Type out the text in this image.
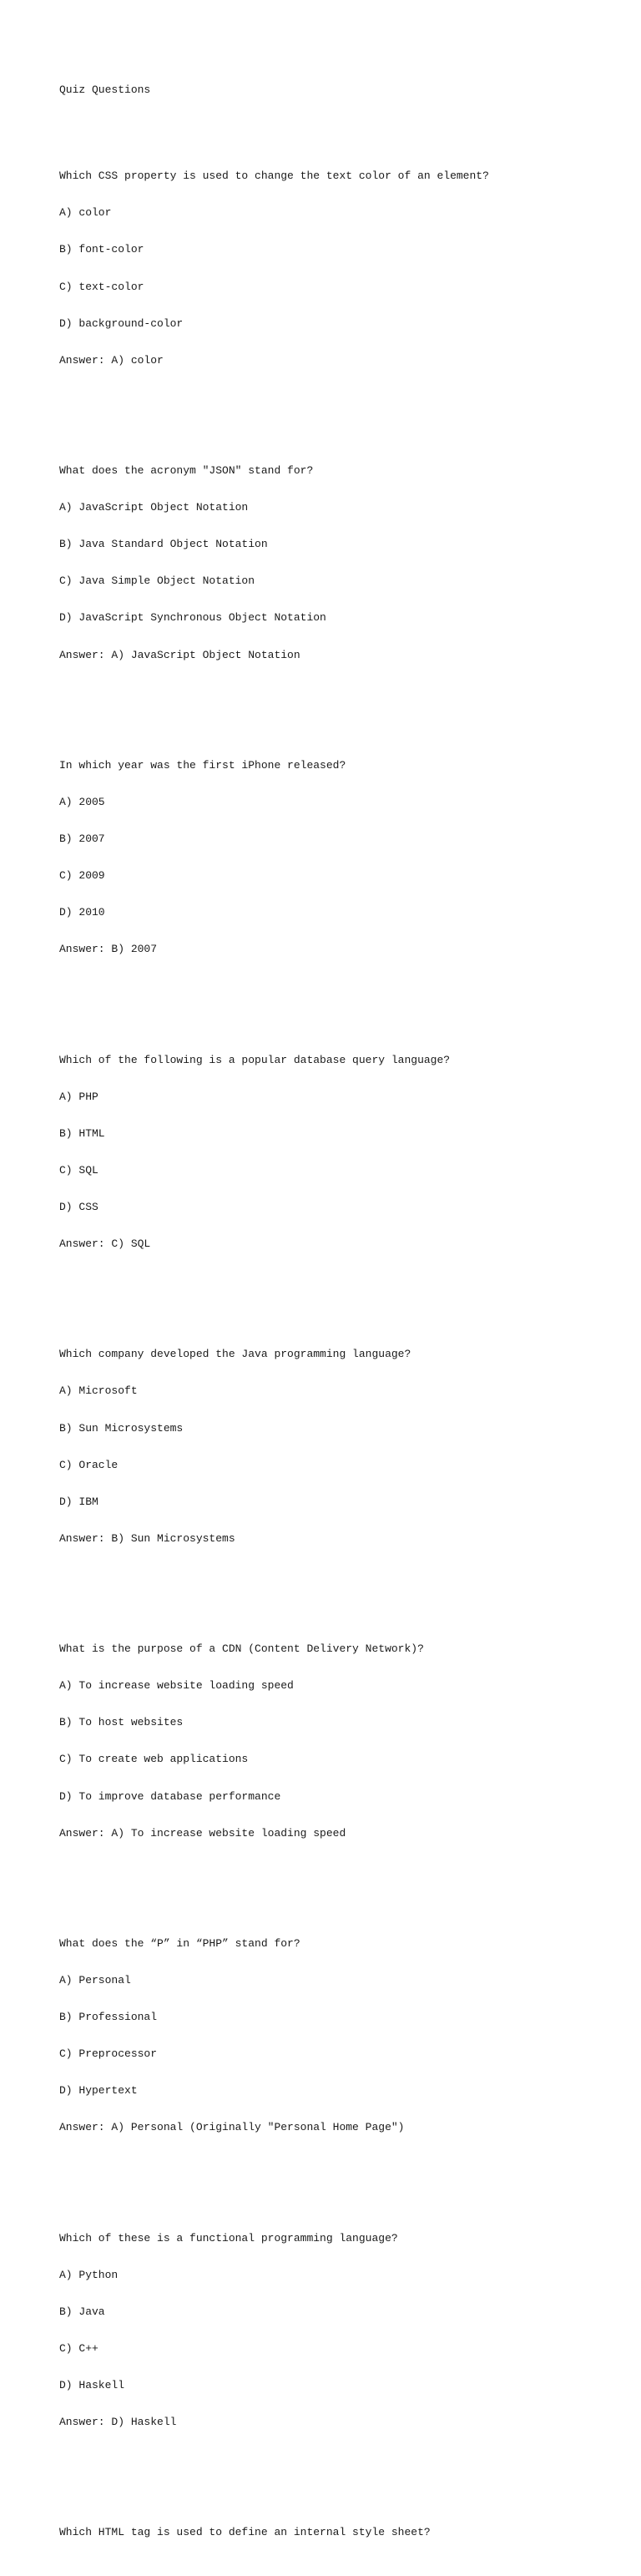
Quiz Questions

Which CSS property is used to change the text color of an element?

A) color

B) font-color

C) text-color

D) background-color

Answer: A) color

What does the acronym "JSON" stand for?

A) JavaScript Object Notation

B) Java Standard Object Notation

C) Java Simple Object Notation

D) JavaScript Synchronous Object Notation

Answer: A) JavaScript Object Notation

In which year was the first iPhone released?

A) 2005

B) 2007

C) 2009

D) 2010

Answer: B) 2007

Which of the following is a popular database query language?

A) PHP

B) HTML

C) SQL

D) CSS

Answer: C) SQL

Which company developed the Java programming language?

A) Microsoft

B) Sun Microsystems

C) Oracle

D) IBM

Answer: B) Sun Microsystems

What is the purpose of a CDN (Content Delivery Network)?

A) To increase website loading speed

B) To host websites

C) To create web applications

D) To improve database performance

Answer: A) To increase website loading speed

What does the “P” in “PHP” stand for?

A) Personal

B) Professional

C) Preprocessor

D) Hypertext

Answer: A) Personal (Originally "Personal Home Page")

Which of these is a functional programming language?

A) Python

B) Java

C) C++

D) Haskell

Answer: D) Haskell

Which HTML tag is used to define an internal style sheet?
